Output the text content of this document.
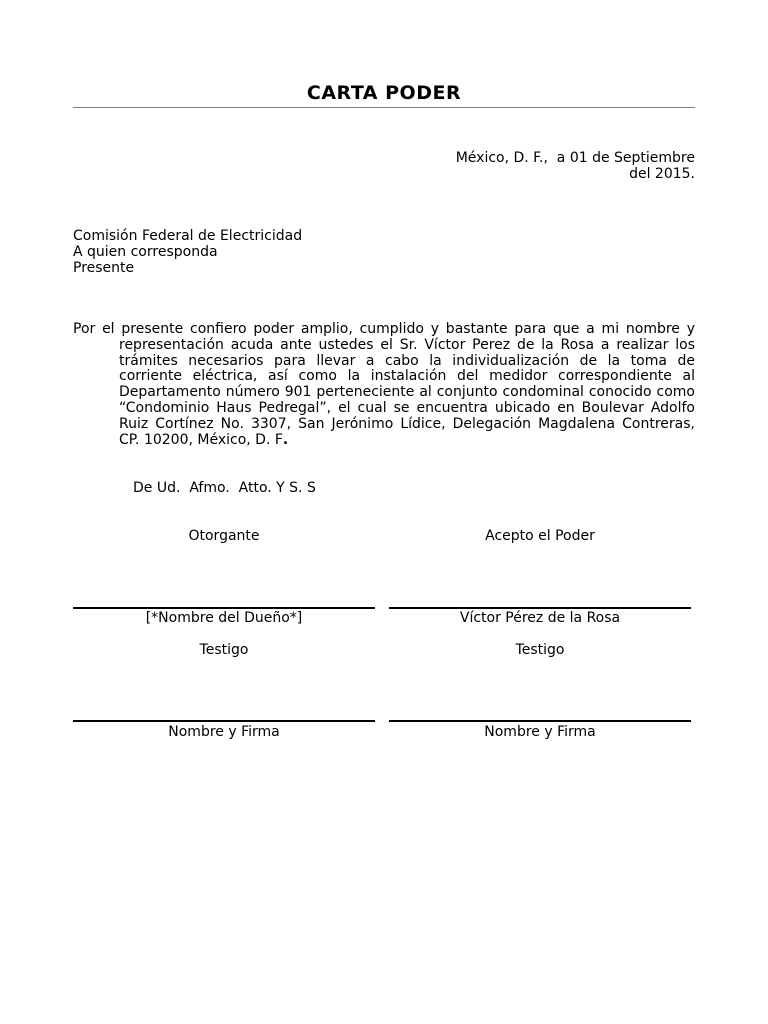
CARTA PODER
México, D. F.,  a 01 de Septiembre
del 2015.
Comisión Federal de Electricidad
A quien corresponda
Presente
Por el presente confiero poder amplio, cumplido y bastante para que a mi nombre y representación acuda ante ustedes el Sr. Víctor Perez de la Rosa a realizar los trámites necesarios para llevar a cabo la individualización de la toma de corriente eléctrica, así como la instalación del medidor correspondiente al Departamento número 901 perteneciente al conjunto condominal conocido como “Condominio Haus Pedregal”, el cual se encuentra ubicado en Boulevar Adolfo Ruiz Cortínez No. 3307, San Jerónimo Lídice, Delegación Magdalena Contreras, CP. 10200, México, D. F.
De Ud.  Afmo.  Atto. Y S. S
Otorgante	Acepto el Poder
[*Nombre del Dueño*]	Víctor Pérez de la Rosa
Testigo	Testigo
Nombre y Firma	Nombre y Firma
